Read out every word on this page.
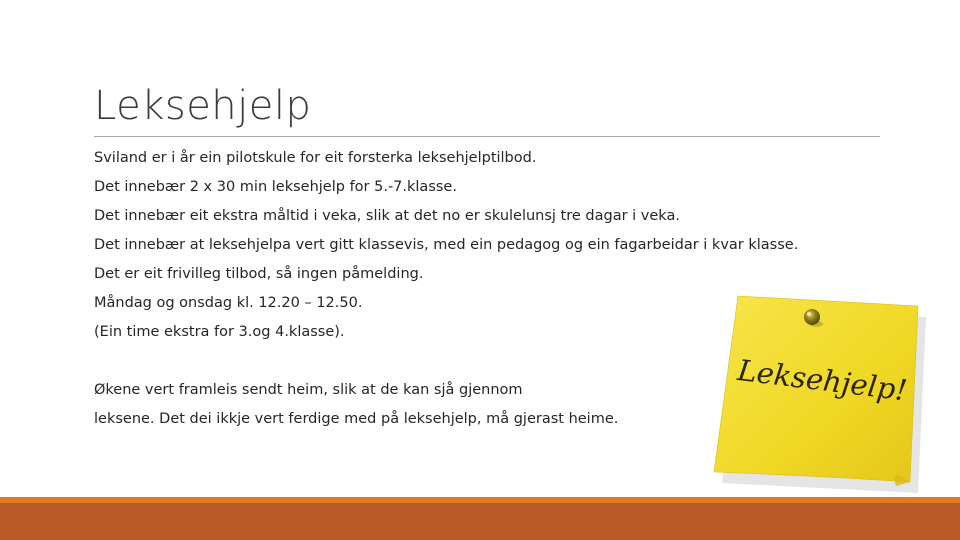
Leksehjelp

Sviland er i år ein pilotskule for eit forsterka leksehjelptilbod.

Det innebær 2 x 30 min leksehjelp for 5.-7.klasse.

Det innebær eit ekstra måltid i veka, slik at det no er skulelunsj tre dagar i veka.

Det innebær at leksehjelpa vert gitt klassevis, med ein pedagog og ein fagarbeidar i kvar klasse.

Det er eit frivilleg tilbod, så ingen påmelding.

Måndag og onsdag kl. 12.20 – 12.50.

(Ein time ekstra for 3.og 4.klasse).

Økene vert framleis sendt heim, slik at de kan sjå gjennom

leksene. Det dei ikkje vert ferdige med på leksehjelp, må gjerast heime.

Leksehjelp!
